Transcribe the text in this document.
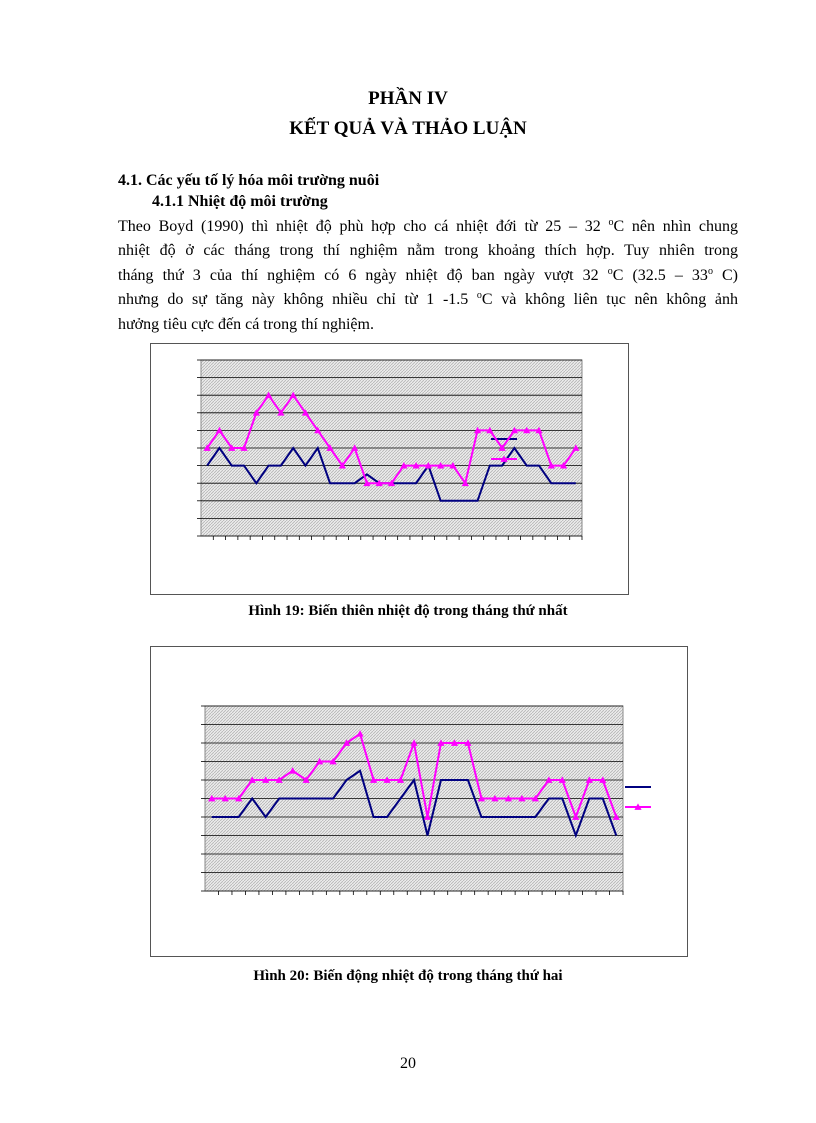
PHẦN IV
KẾT QUẢ VÀ THẢO LUẬN
4.1. Các yếu tố lý hóa môi trường nuôi
4.1.1 Nhiệt độ môi trường
Theo Boyd (1990) thì nhiệt độ phù hợp cho cá nhiệt đới từ 25 – 32 $^o$C nên nhìn chung
nhiệt độ ở các tháng trong thí nghiệm nằm trong khoảng thích hợp. Tuy nhiên trong
tháng thứ 3 của thí nghiệm có 6 ngày nhiệt độ ban ngày vượt 32 $^o$C (32.5 – 33$^o$ C)
nhưng do sự tăng này không nhiều chỉ từ 1 -1.5 $^o$C và không liên tục nên không ảnh
hưởng tiêu cực đến cá trong thí nghiệm.
Hình 19: Biến thiên nhiệt độ trong tháng thứ nhất
Hình 20: Biến động nhiệt độ trong tháng thứ hai
20
